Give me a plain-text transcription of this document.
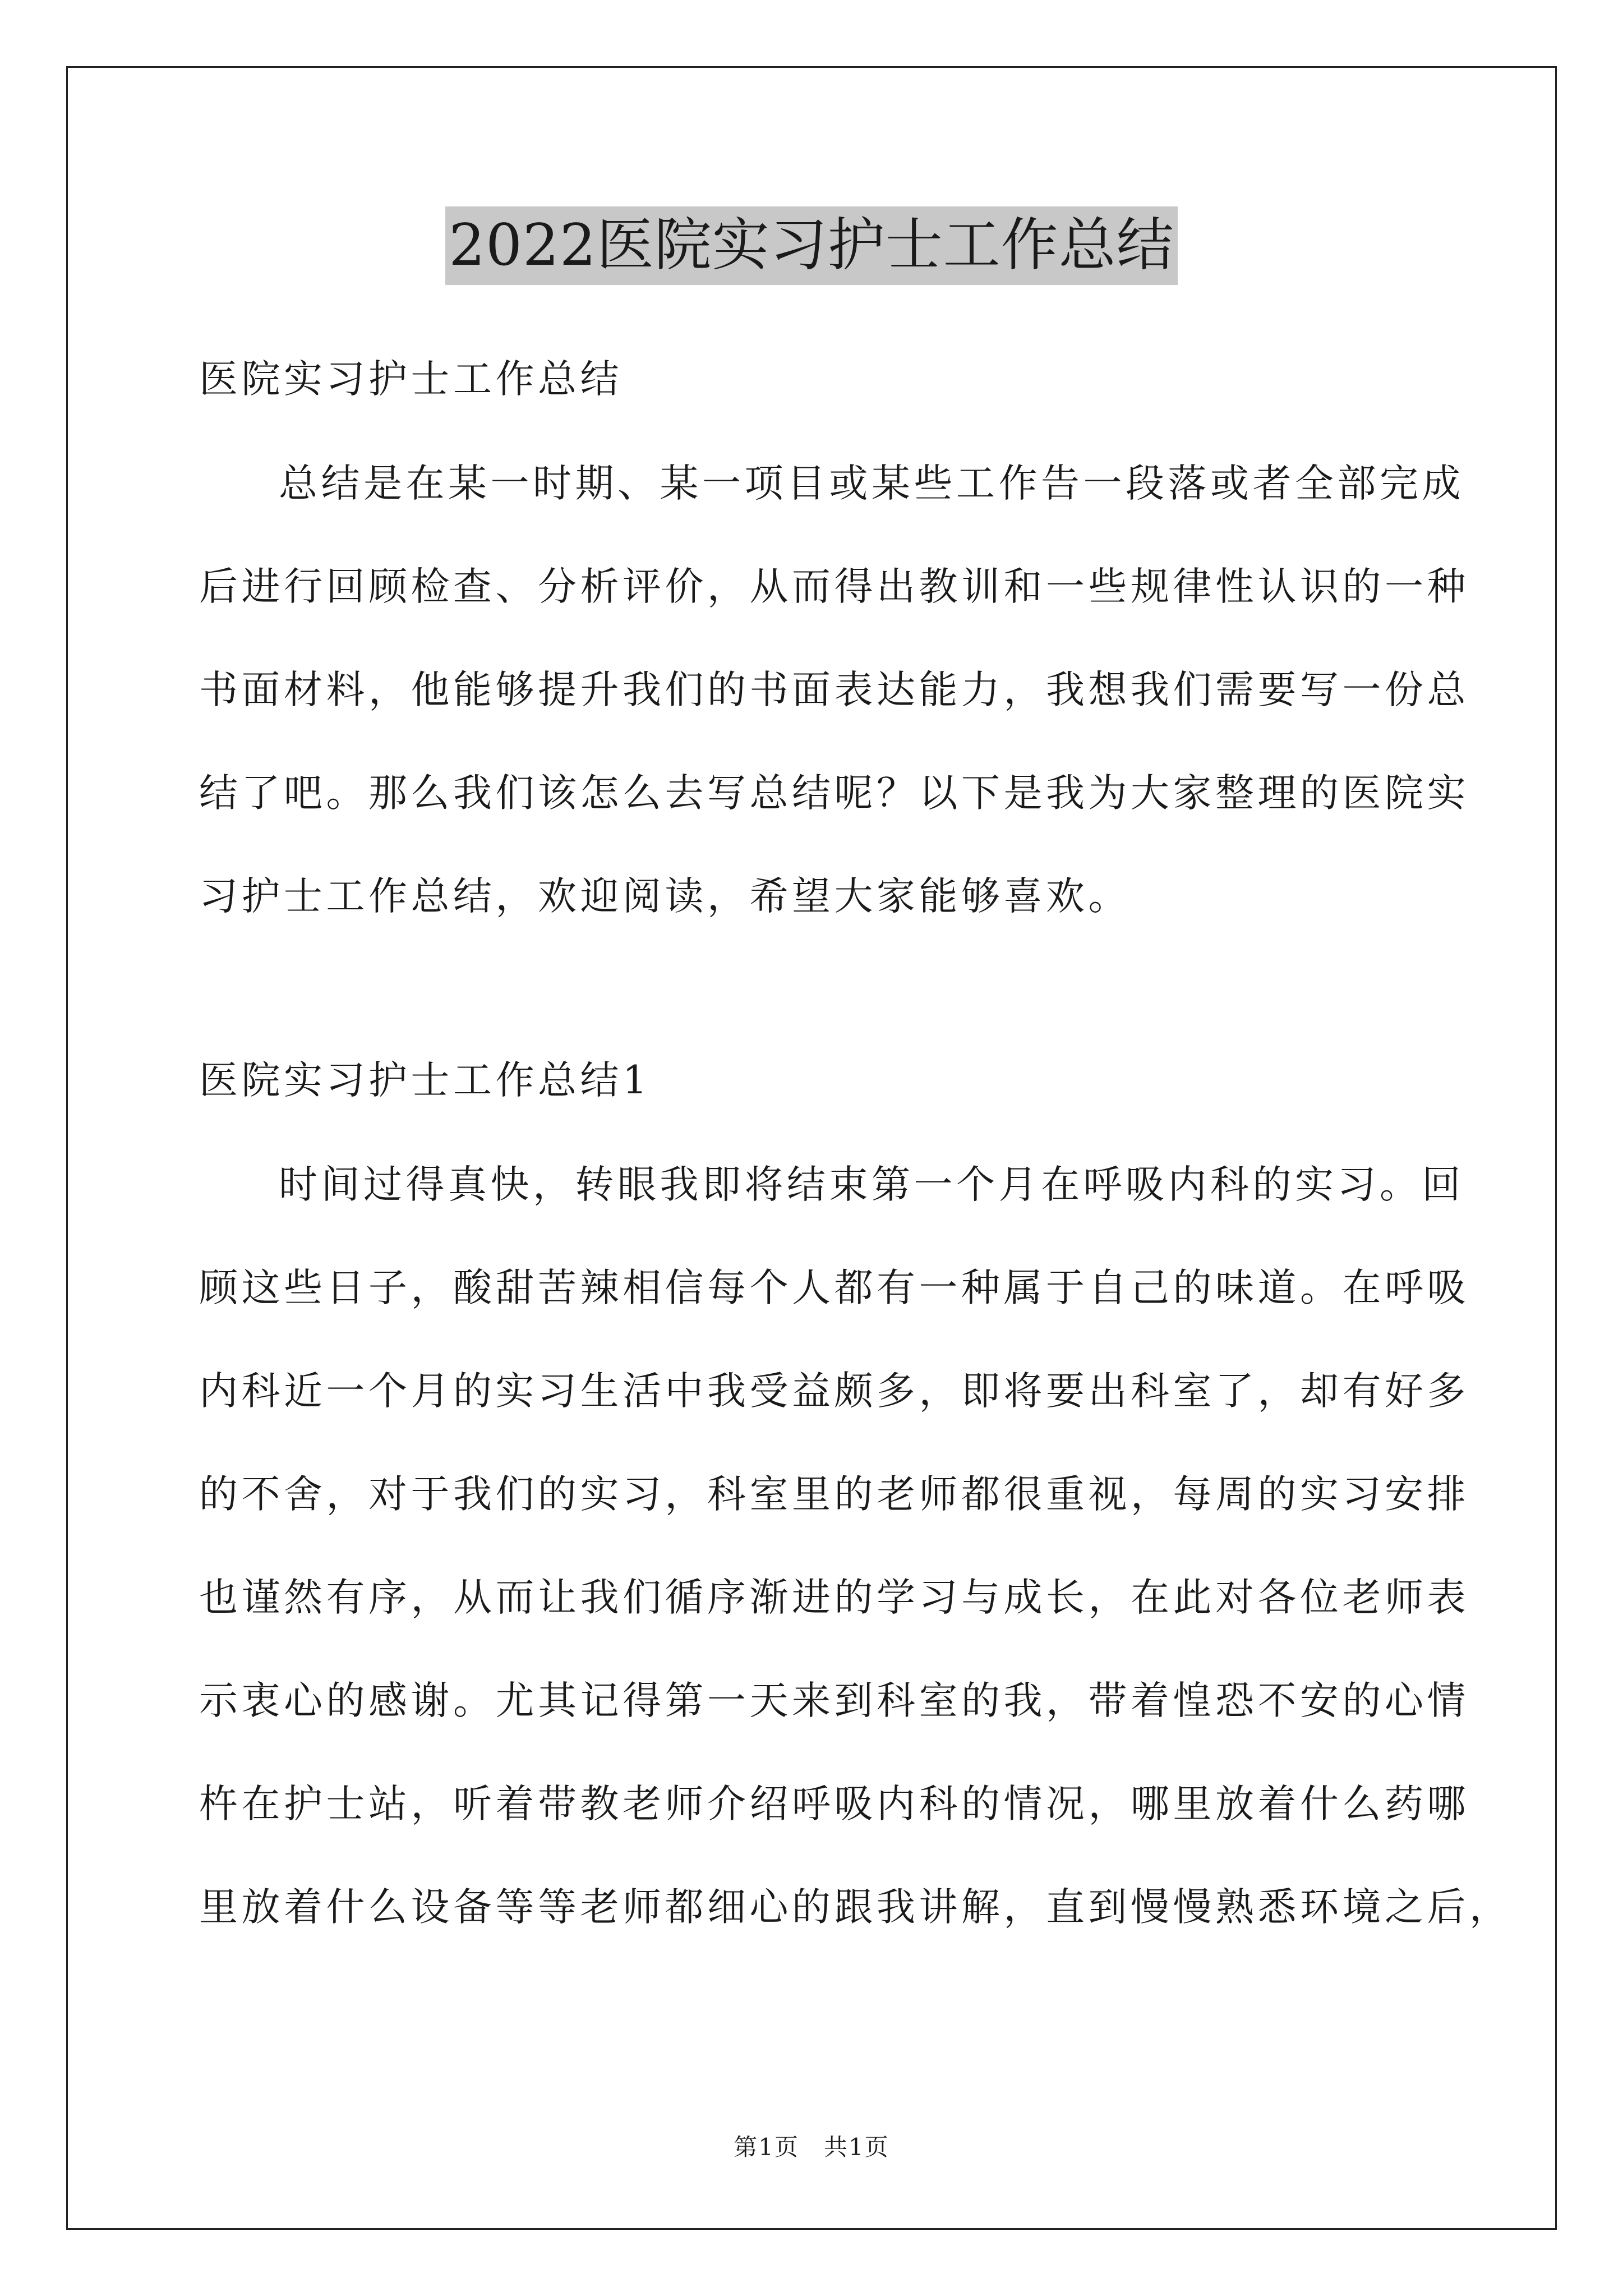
2022医院实习护士工作总结
医院实习护士工作总结
总结是在某一时期、某一项目或某些工作告一段落或者全部完成
后进行回顾检查、分析评价，从而得出教训和一些规律性认识的一种
书面材料，他能够提升我们的书面表达能力，我想我们需要写一份总
结了吧。那么我们该怎么去写总结呢？以下是我为大家整理的医院实
习护士工作总结，欢迎阅读，希望大家能够喜欢。
医院实习护士工作总结1
时间过得真快，转眼我即将结束第一个月在呼吸内科的实习。回
顾这些日子，酸甜苦辣相信每个人都有一种属于自己的味道。在呼吸
内科近一个月的实习生活中我受益颇多，即将要出科室了，却有好多
的不舍，对于我们的实习，科室里的老师都很重视，每周的实习安排
也谨然有序，从而让我们循序渐进的学习与成长，在此对各位老师表
示衷心的感谢。尤其记得第一天来到科室的我，带着惶恐不安的心情
杵在护士站，听着带教老师介绍呼吸内科的情况，哪里放着什么药哪
里放着什么设备等等老师都细心的跟我讲解，直到慢慢熟悉环境之后，
第1页　共1页
